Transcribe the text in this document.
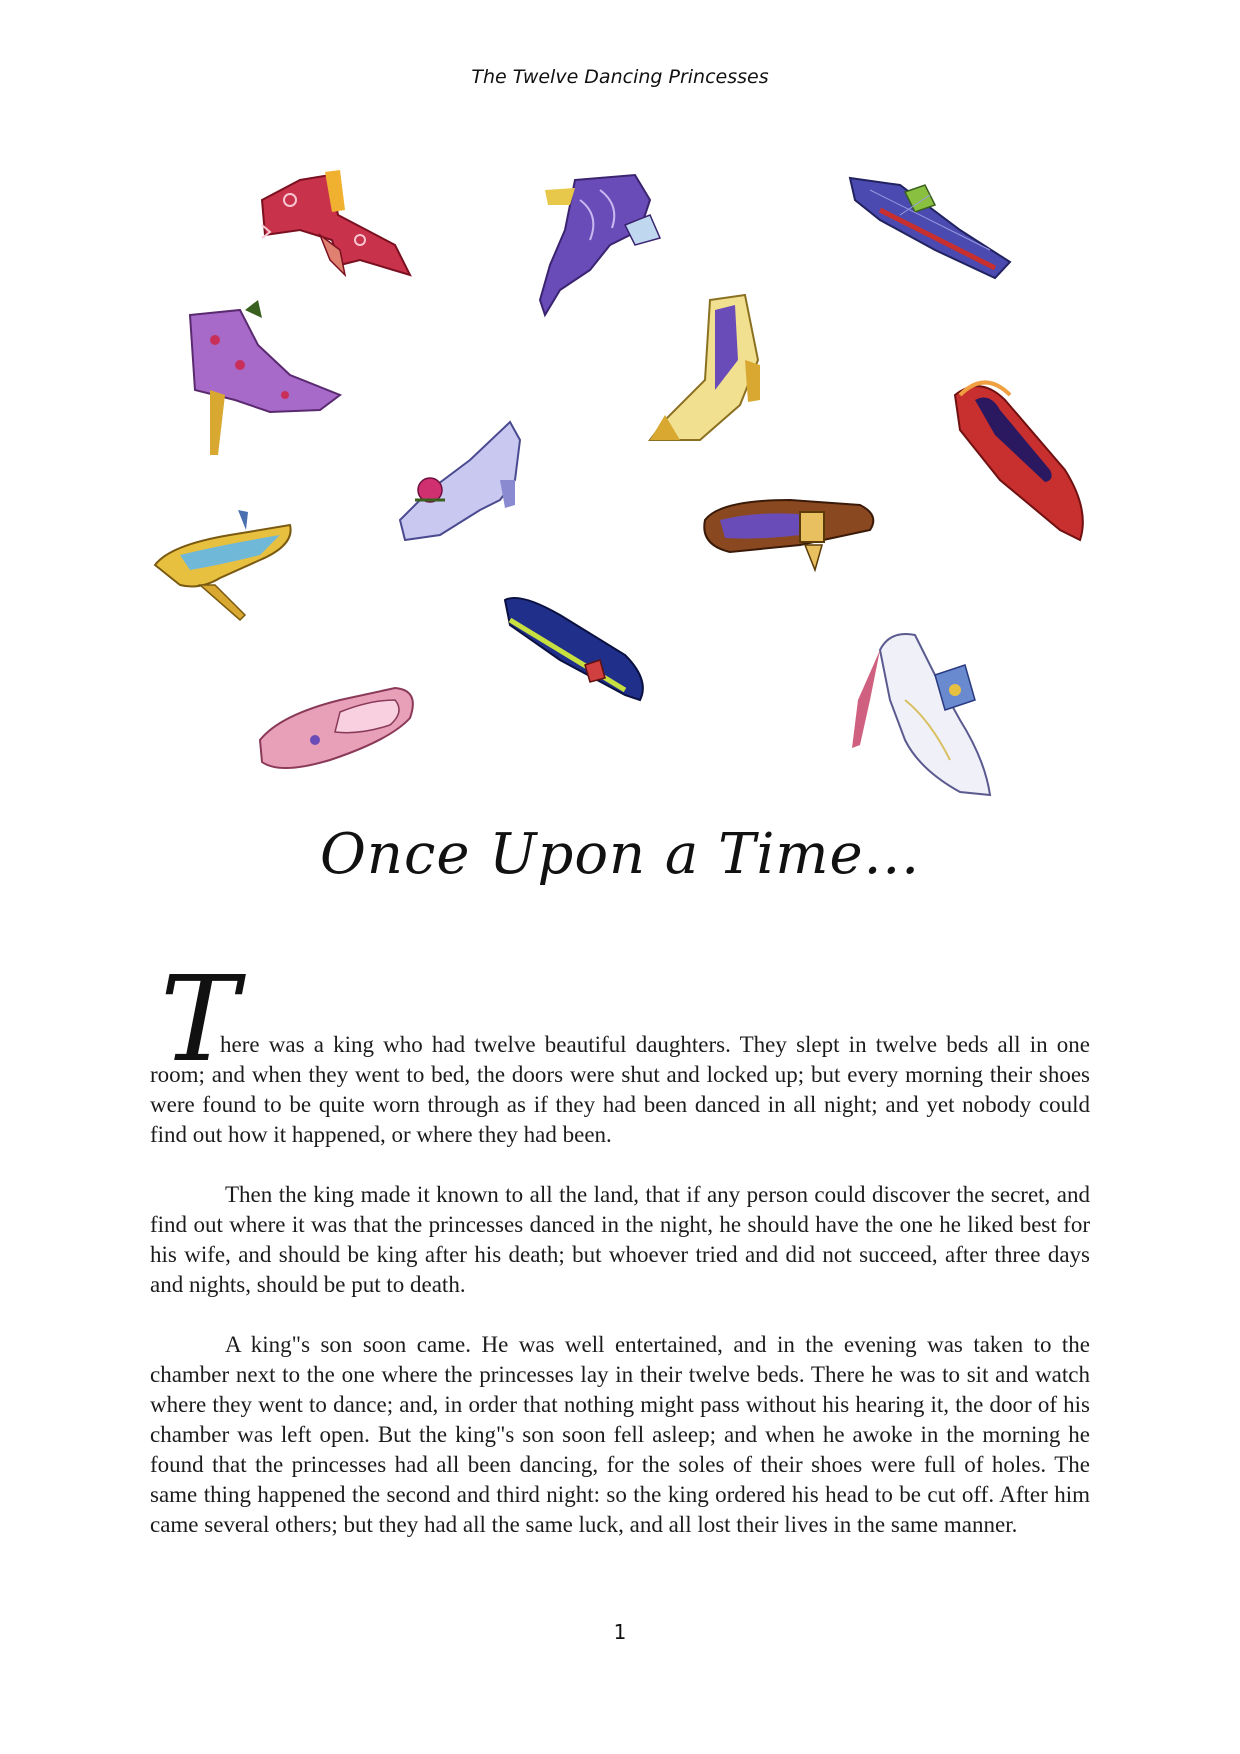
The Twelve Dancing Princesses
Once Upon a Time...
T

here was a king who had twelve beautiful daughters. They slept in twelve beds all in one room; and when they went to bed, the doors were shut and locked up; but every morning their shoes were found to be quite worn through as if they had been danced in all night; and yet nobody could find out how it happened, or where they had been.

Then the king made it known to all the land, that if any person could discover the secret, and find out where it was that the princesses danced in the night, he should have the one he liked best for his wife, and should be king after his death; but whoever tried and did not succeed, after three days and nights, should be put to death.

A king"s son soon came. He was well entertained, and in the evening was taken to the chamber next to the one where the princesses lay in their twelve beds. There he was to sit and watch where they went to dance; and, in order that nothing might pass without his hearing it, the door of his chamber was left open. But the king"s son soon fell asleep; and when he awoke in the morning he found that the princesses had all been dancing, for the soles of their shoes were full of holes. The same thing happened the second and third night: so the king ordered his head to be cut off. After him came several others; but they had all the same luck, and all lost their lives in the same manner.

1
